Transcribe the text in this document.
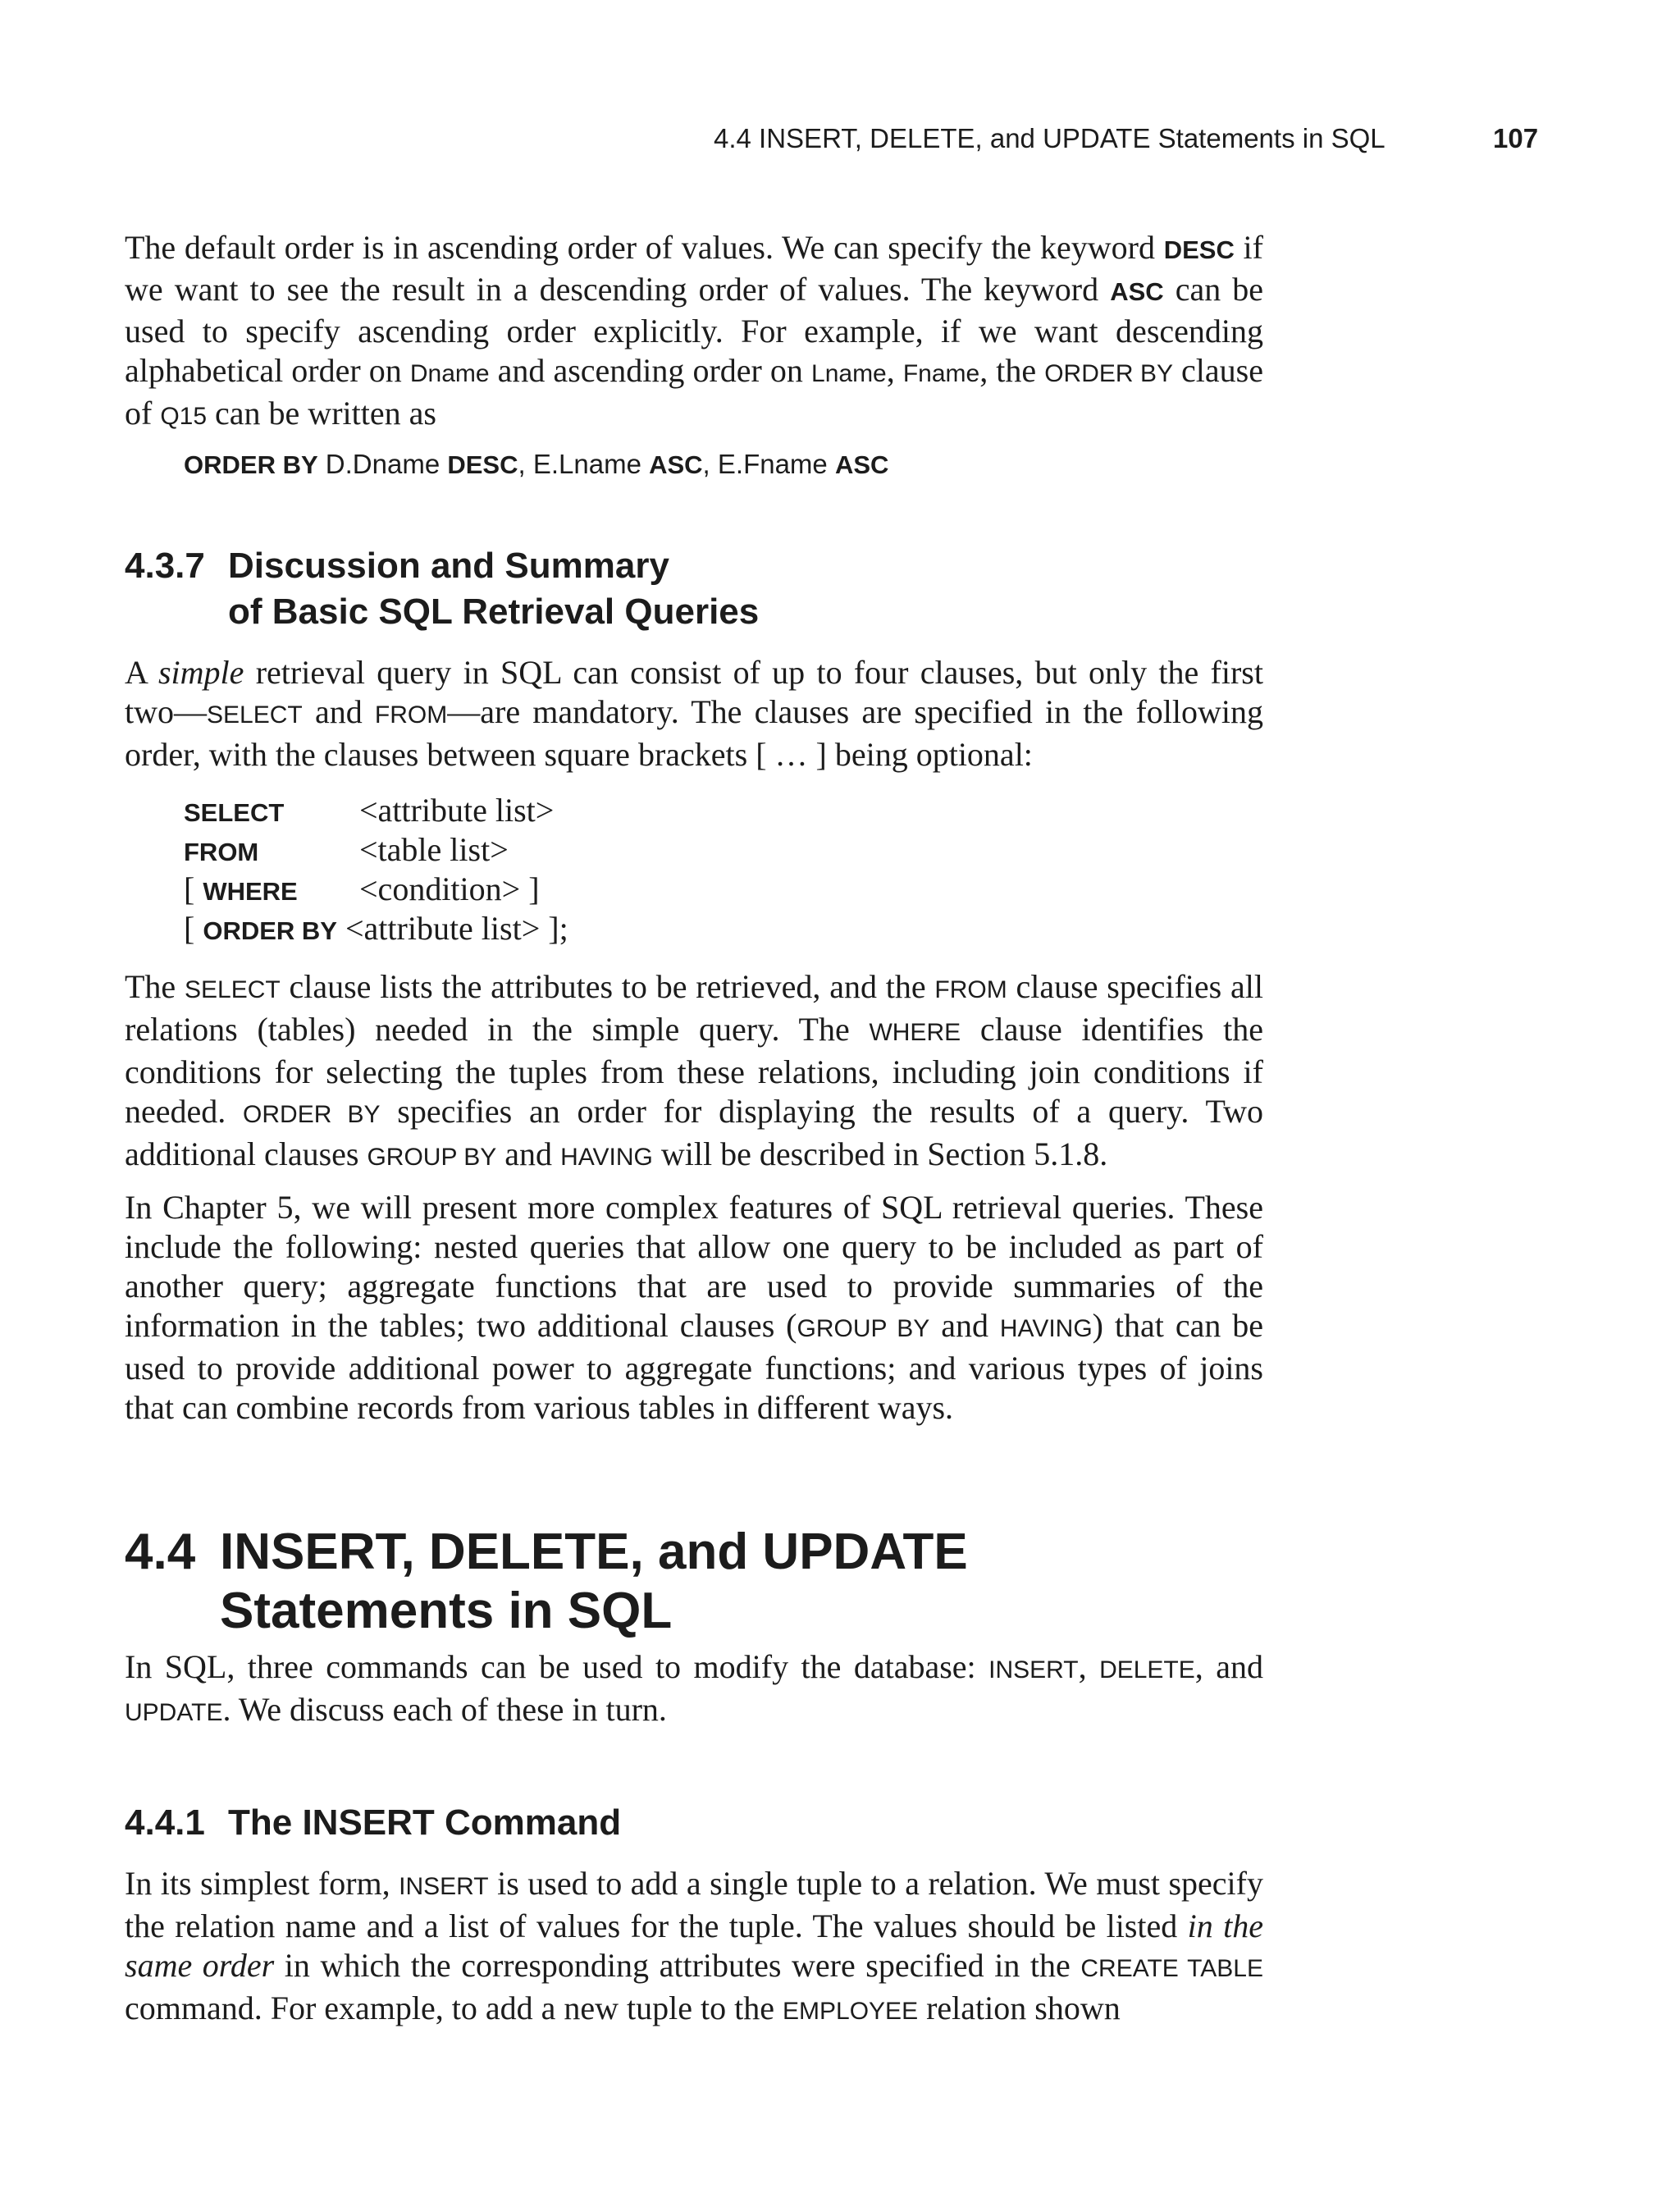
4.4 INSERT, DELETE, and UPDATE Statements in SQL	107

The default order is in ascending order of values. We can specify the keyword DESC if we want to see the result in a descending order of values. The keyword ASC can be used to specify ascending order explicitly. For example, if we want descending alphabetical order on Dname and ascending order on Lname, Fname, the ORDER BY clause of Q15 can be written as

ORDER BY D.Dname DESC, E.Lname ASC, E.Fname ASC
4.3.7 Discussion and Summary
of Basic SQL Retrieval Queries

A simple retrieval query in SQL can consist of up to four clauses, but only the first two—SELECT and FROM—are mandatory. The clauses are specified in the following order, with the clauses between square brackets [ … ] being optional:

SELECT <attribute list>
FROM	<table list>
[ WHERE <condition> ]
[ ORDER BY <attribute list> ];

The SELECT clause lists the attributes to be retrieved, and the FROM clause specifies all relations (tables) needed in the simple query. The WHERE clause identifies the conditions for selecting the tuples from these relations, including join conditions if needed. ORDER BY specifies an order for displaying the results of a query. Two additional clauses GROUP BY and HAVING will be described in Section 5.1.8.

In Chapter 5, we will present more complex features of SQL retrieval queries. These include the following: nested queries that allow one query to be included as part of another query; aggregate functions that are used to provide summaries of the information in the tables; two additional clauses (GROUP BY and HAVING) that can be used to provide additional power to aggregate functions; and various types of joins that can combine records from various tables in different ways.

4.4 INSERT, DELETE, and UPDATE
Statements in SQL

In SQL, three commands can be used to modify the database: INSERT, DELETE, and UPDATE. We discuss each of these in turn.

4.4.1 The INSERT Command

In its simplest form, INSERT is used to add a single tuple to a relation. We must specify the relation name and a list of values for the tuple. The values should be listed in the same order in which the corresponding attributes were specified in the CREATE TABLE command. For example, to add a new tuple to the EMPLOYEE relation shown
